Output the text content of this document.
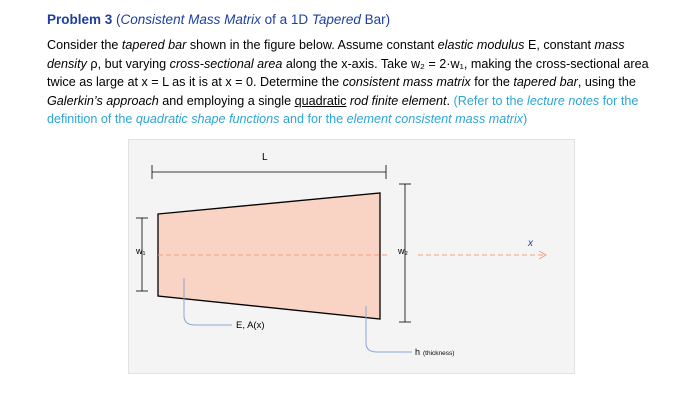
Problem 3 (Consistent Mass Matrix of a 1D Tapered Bar)

Consider the tapered bar shown in the figure below. Assume constant elastic modulus E, constant mass density ρ, but varying cross-sectional area along the x-axis. Take w₂ = 2·w₁, making the cross-sectional area twice as large at x = L as it is at x = 0. Determine the consistent mass matrix for the tapered bar, using the Galerkin’s approach and employing a single quadratic rod finite element. (Refer to the lecture notes for the definition of the quadratic shape functions and for the element consistent mass matrix)

L
w₁	w₂
x
E, A(x)
h (thickness)
